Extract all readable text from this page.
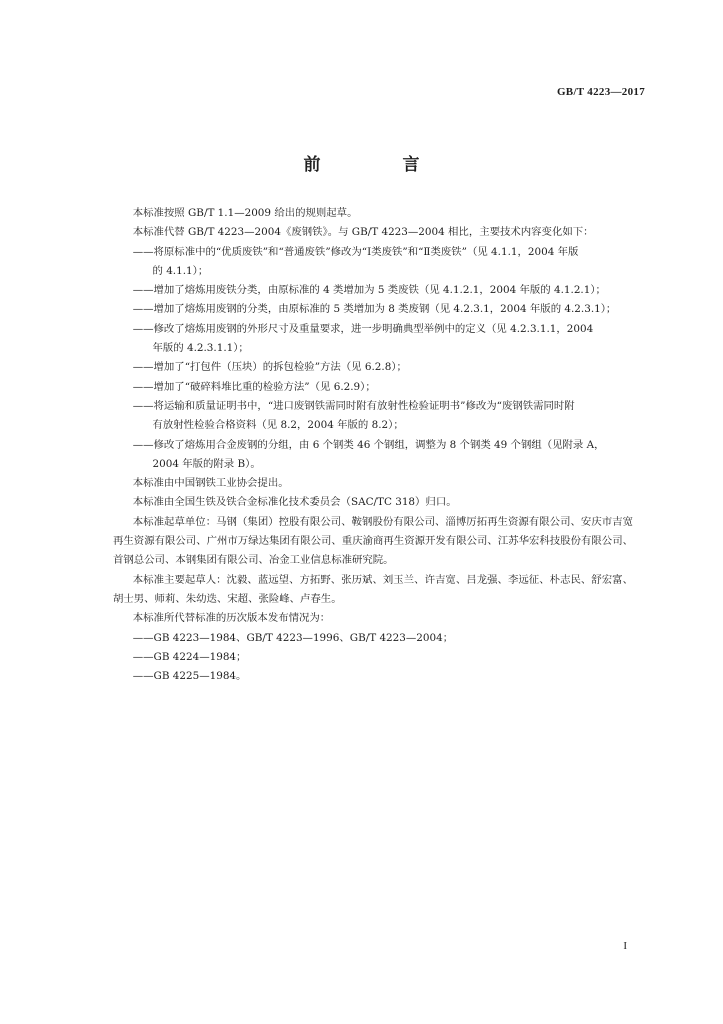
GB/T 4223—2017
前 言

本标准按照 GB/T 1.1—2009 给出的规则起草。

本标准代替 GB/T 4223—2004《废钢铁》。与 GB/T 4223—2004 相比，主要技术内容变化如下：

——将原标准中的“优质废铁”和“普通废铁”修改为“Ⅰ类废铁”和“Ⅱ类废铁”（见 4.1.1，2004 年版
的 4.1.1）；
——增加了熔炼用废铁分类，由原标准的 4 类增加为 5 类废铁（见 4.1.2.1，2004 年版的 4.1.2.1）；
——增加了熔炼用废钢的分类，由原标准的 5 类增加为 8 类废钢（见 4.2.3.1，2004 年版的 4.2.3.1）；
——修改了熔炼用废钢的外形尺寸及重量要求，进一步明确典型举例中的定义（见 4.2.3.1.1，2004
年版的 4.2.3.1.1）；
——增加了“打包件（压块）的拆包检验”方法（见 6.2.8）；
——增加了“破碎料堆比重的检验方法”（见 6.2.9）；
——将运输和质量证明书中，“进口废钢铁需同时附有放射性检验证明书”修改为“废钢铁需同时附
有放射性检验合格资料（见 8.2，2004 年版的 8.2）；
——修改了熔炼用合金废钢的分组，由 6 个钢类 46 个钢组，调整为 8 个钢类 49 个钢组（见附录 A，
2004 年版的附录 B）。

本标准由中国钢铁工业协会提出。

本标准由全国生铁及铁合金标准化技术委员会（SAC/TC 318）归口。

本标准起草单位：马钢（集团）控股有限公司、鞍钢股份有限公司、淄博厉拓再生资源有限公司、安庆市吉宽再生资源有限公司、广州市万绿达集团有限公司、重庆渝商再生资源开发有限公司、江苏华宏科技股份有限公司、首钢总公司、本钢集团有限公司、冶金工业信息标准研究院。

本标准主要起草人：沈毅、蓝远望、方拓野、张历斌、刘玉兰、许吉宽、吕龙强、李远征、朴志民、舒宏富、胡士男、师莉、朱幼迭、宋超、张险峰、卢春生。

本标准所代替标准的历次版本发布情况为：

——GB 4223—1984、GB/T 4223—1996、GB/T 4223—2004；
——GB 4224—1984；
——GB 4225—1984。
I
